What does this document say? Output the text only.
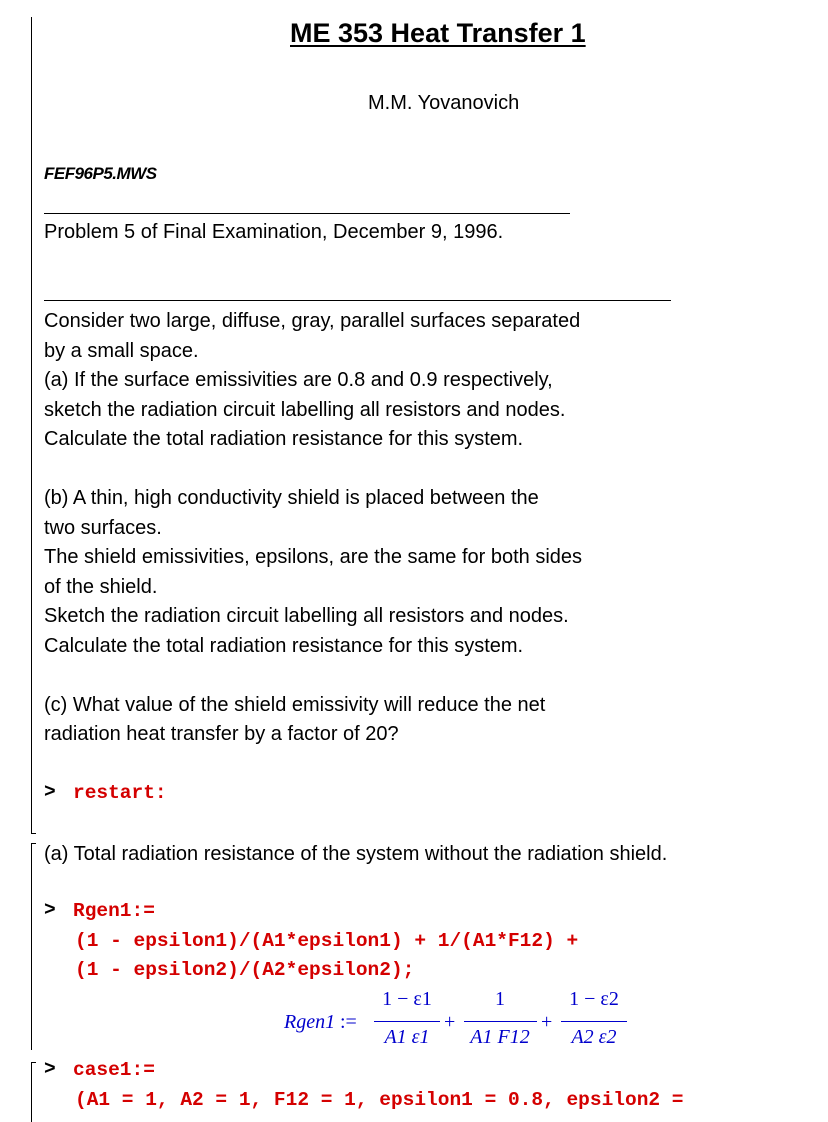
ME 353 Heat Transfer 1
M.M. Yovanovich
FEF96P5.MWS
Problem 5 of Final Examination, December 9, 1996.
Consider two large, diffuse, gray, parallel surfaces separated
by a small space.
(a) If the surface emissivities are 0.8 and 0.9 respectively,
sketch the radiation circuit labelling all resistors and nodes.
Calculate the total radiation resistance for this system.
(b) A thin, high conductivity shield is placed between the
two surfaces.
The shield emissivities, epsilons, are the same for both sides
of the shield.
Sketch the radiation circuit labelling all resistors and nodes.
Calculate the total radiation resistance for this system.
(c) What value of the shield emissivity will reduce the net
radiation heat transfer by a factor of 20?
> restart:
(a) Total radiation resistance of the system without the radiation shield.
> Rgen1:=
(1 - epsilon1)/(A1*epsilon1) + 1/(A1*F12) +
(1 - epsilon2)/(A2*epsilon2);
Rgen1 :=
1 − ε1
A1 ε1
+
1
A1 F12
+
1 − ε2
A2 ε2
> case1:=
(A1 = 1, A2 = 1, F12 = 1, epsilon1 = 0.8, epsilon2 =
